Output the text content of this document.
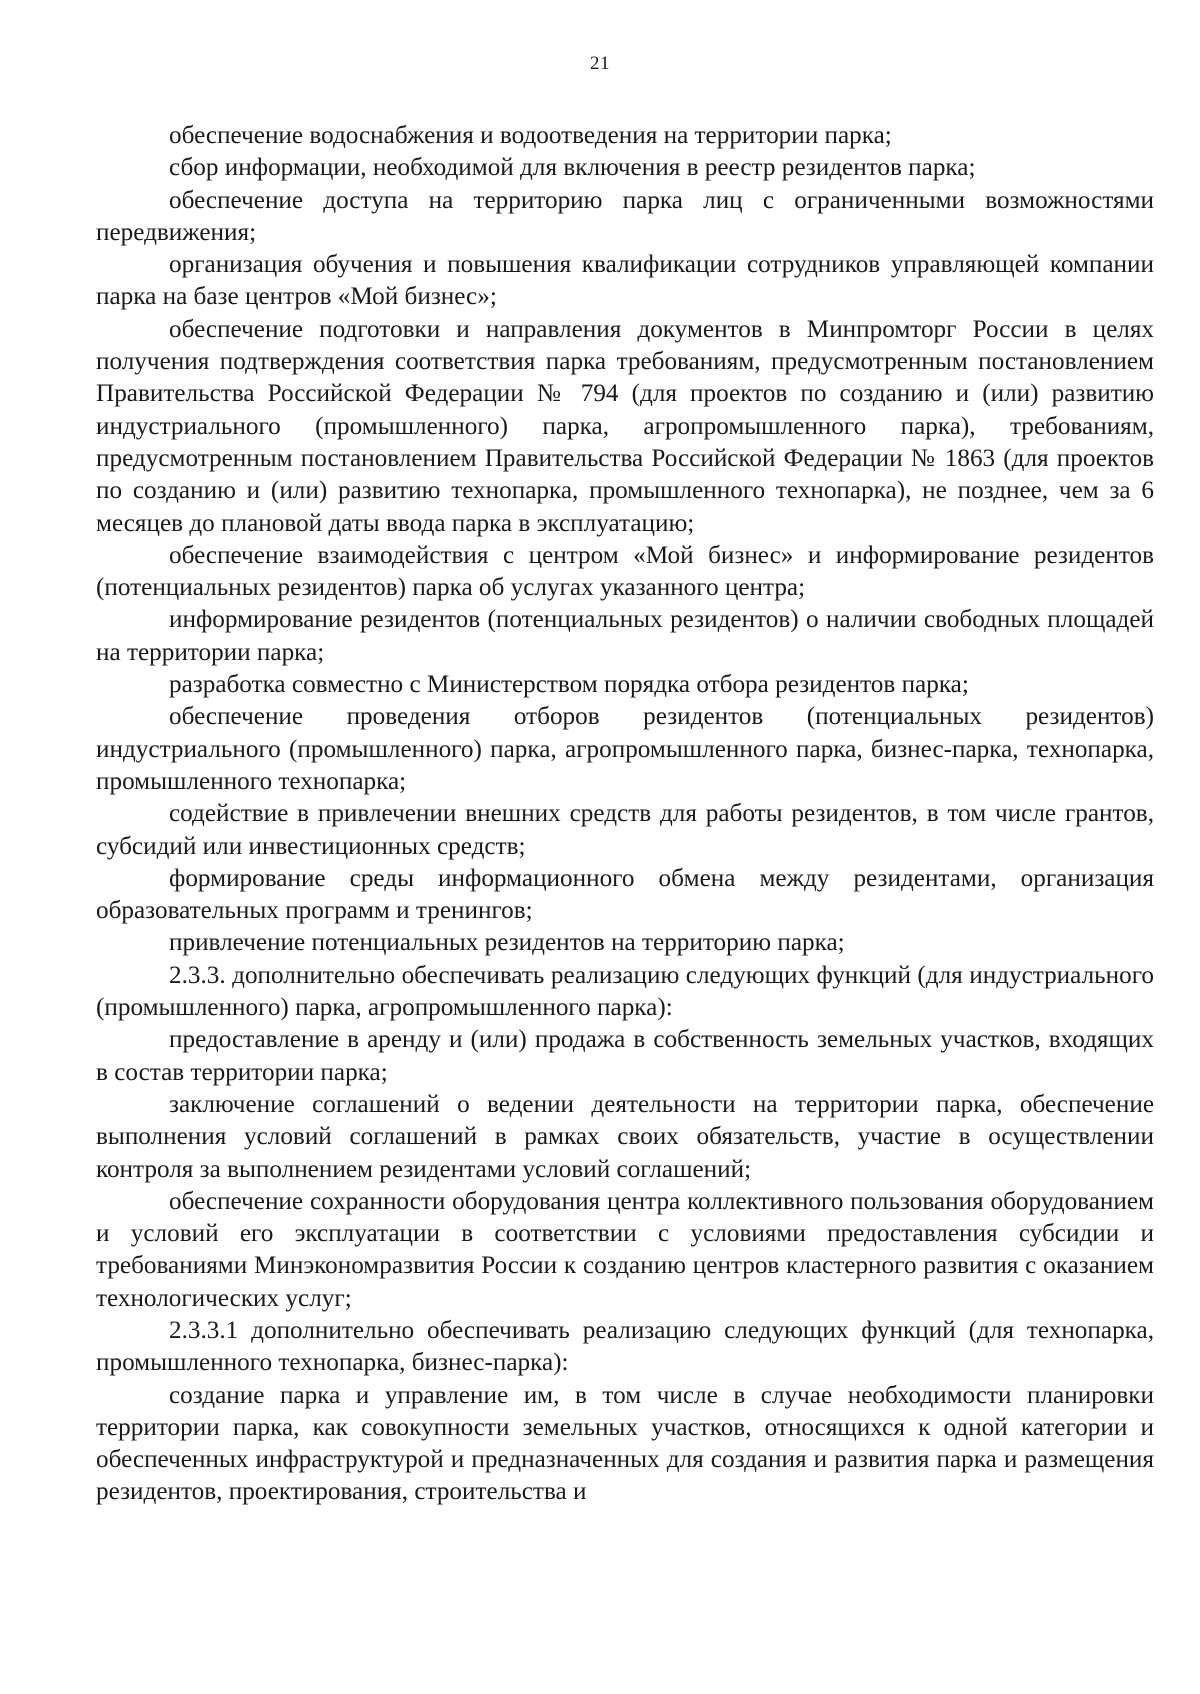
21

обеспечение водоснабжения и водоотведения на территории парка;

сбор информации, необходимой для включения в реестр резидентов парка;

обеспечение доступа на территорию парка лиц с ограниченными возможностями передвижения;

организация обучения и повышения квалификации сотрудников управляющей компании парка на базе центров «Мой бизнес»;

обеспечение подготовки и направления документов в Минпромторг России в целях получения подтверждения соответствия парка требованиям, предусмотренным постановлением Правительства Российской Федерации № 794 (для проектов по созданию и (или) развитию индустриального (промышленного) парка, агропромышленного парка), требованиям, предусмотренным постановлением Правительства Российской Федерации № 1863 (для проектов по созданию и (или) развитию технопарка, промышленного технопарка), не позднее, чем за 6 месяцев до плановой даты ввода парка в эксплуатацию;

обеспечение взаимодействия с центром «Мой бизнес» и информирование резидентов (потенциальных резидентов) парка об услугах указанного центра;

информирование резидентов (потенциальных резидентов) о наличии свободных площадей на территории парка;

разработка совместно с Министерством порядка отбора резидентов парка;

обеспечение проведения отборов резидентов (потенциальных резидентов) индустриального (промышленного) парка, агропромышленного парка, бизнес-парка, технопарка, промышленного технопарка;

содействие в привлечении внешних средств для работы резидентов, в том числе грантов, субсидий или инвестиционных средств;

формирование среды информационного обмена между резидентами, организация образовательных программ и тренингов;

привлечение потенциальных резидентов на территорию парка;

2.3.3. дополнительно обеспечивать реализацию следующих функций (для индустриального (промышленного) парка, агропромышленного парка):

предоставление в аренду и (или) продажа в собственность земельных участков, входящих в состав территории парка;

заключение соглашений о ведении деятельности на территории парка, обеспечение выполнения условий соглашений в рамках своих обязательств, участие в осуществлении контроля за выполнением резидентами условий соглашений;

обеспечение сохранности оборудования центра коллективного пользования оборудованием и условий его эксплуатации в соответствии с условиями предоставления субсидии и требованиями Минэкономразвития России к созданию центров кластерного развития с оказанием технологических услуг;

2.3.3.1 дополнительно обеспечивать реализацию следующих функций (для технопарка, промышленного технопарка, бизнес-парка):

создание парка и управление им, в том числе в случае необходимости планировки территории парка, как совокупности земельных участков, относящихся к одной категории и обеспеченных инфраструктурой и предназначенных для создания и развития парка и размещения резидентов, проектирования, строительства и
